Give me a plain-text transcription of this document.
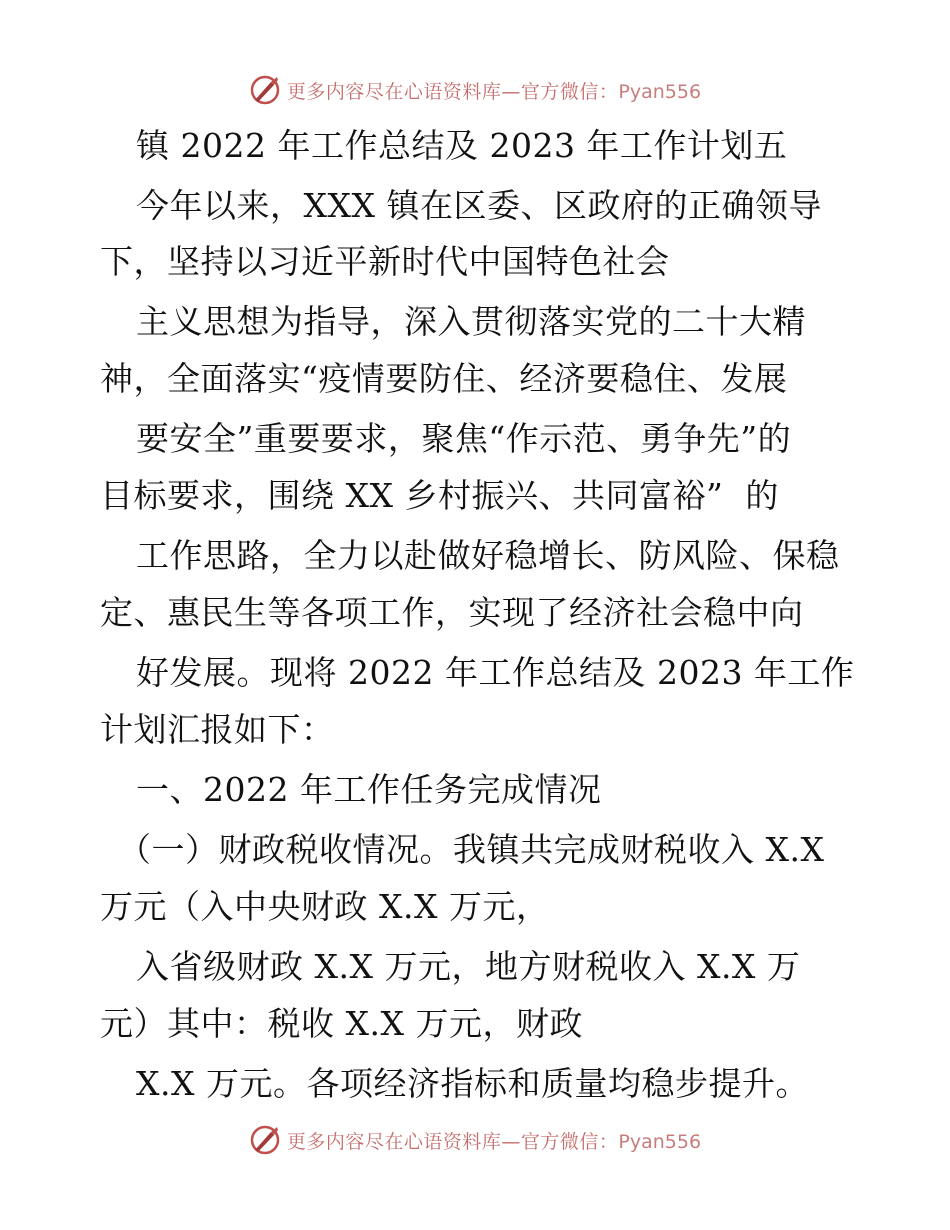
更多内容尽在心语资料库—官方微信：Pyan556
镇 2022 年工作总结及 2023 年工作计划五
今年以来，XXX 镇在区委、区政府的正确领导
下，坚持以习近平新时代中国特色社会
主义思想为指导，深入贯彻落实党的二十大精
神，全面落实“疫情要防住、经济要稳住、发展
要安全”重要要求，聚焦“作示范、勇争先”的
目标要求，围绕 XX 乡村振兴、共同富裕”  的
工作思路，全力以赴做好稳增长、防风险、保稳
定、惠民生等各项工作，实现了经济社会稳中向
好发展。现将 2022 年工作总结及 2023 年工作
计划汇报如下：
一、2022 年工作任务完成情况
（一）财政税收情况。我镇共完成财税收入 X.X
万元（入中央财政 X.X 万元，
入省级财政 X.X 万元，地方财税收入 X.X 万
元）其中：税收 X.X 万元，财政
X.X 万元。各项经济指标和质量均稳步提升。
更多内容尽在心语资料库—官方微信：Pyan556
